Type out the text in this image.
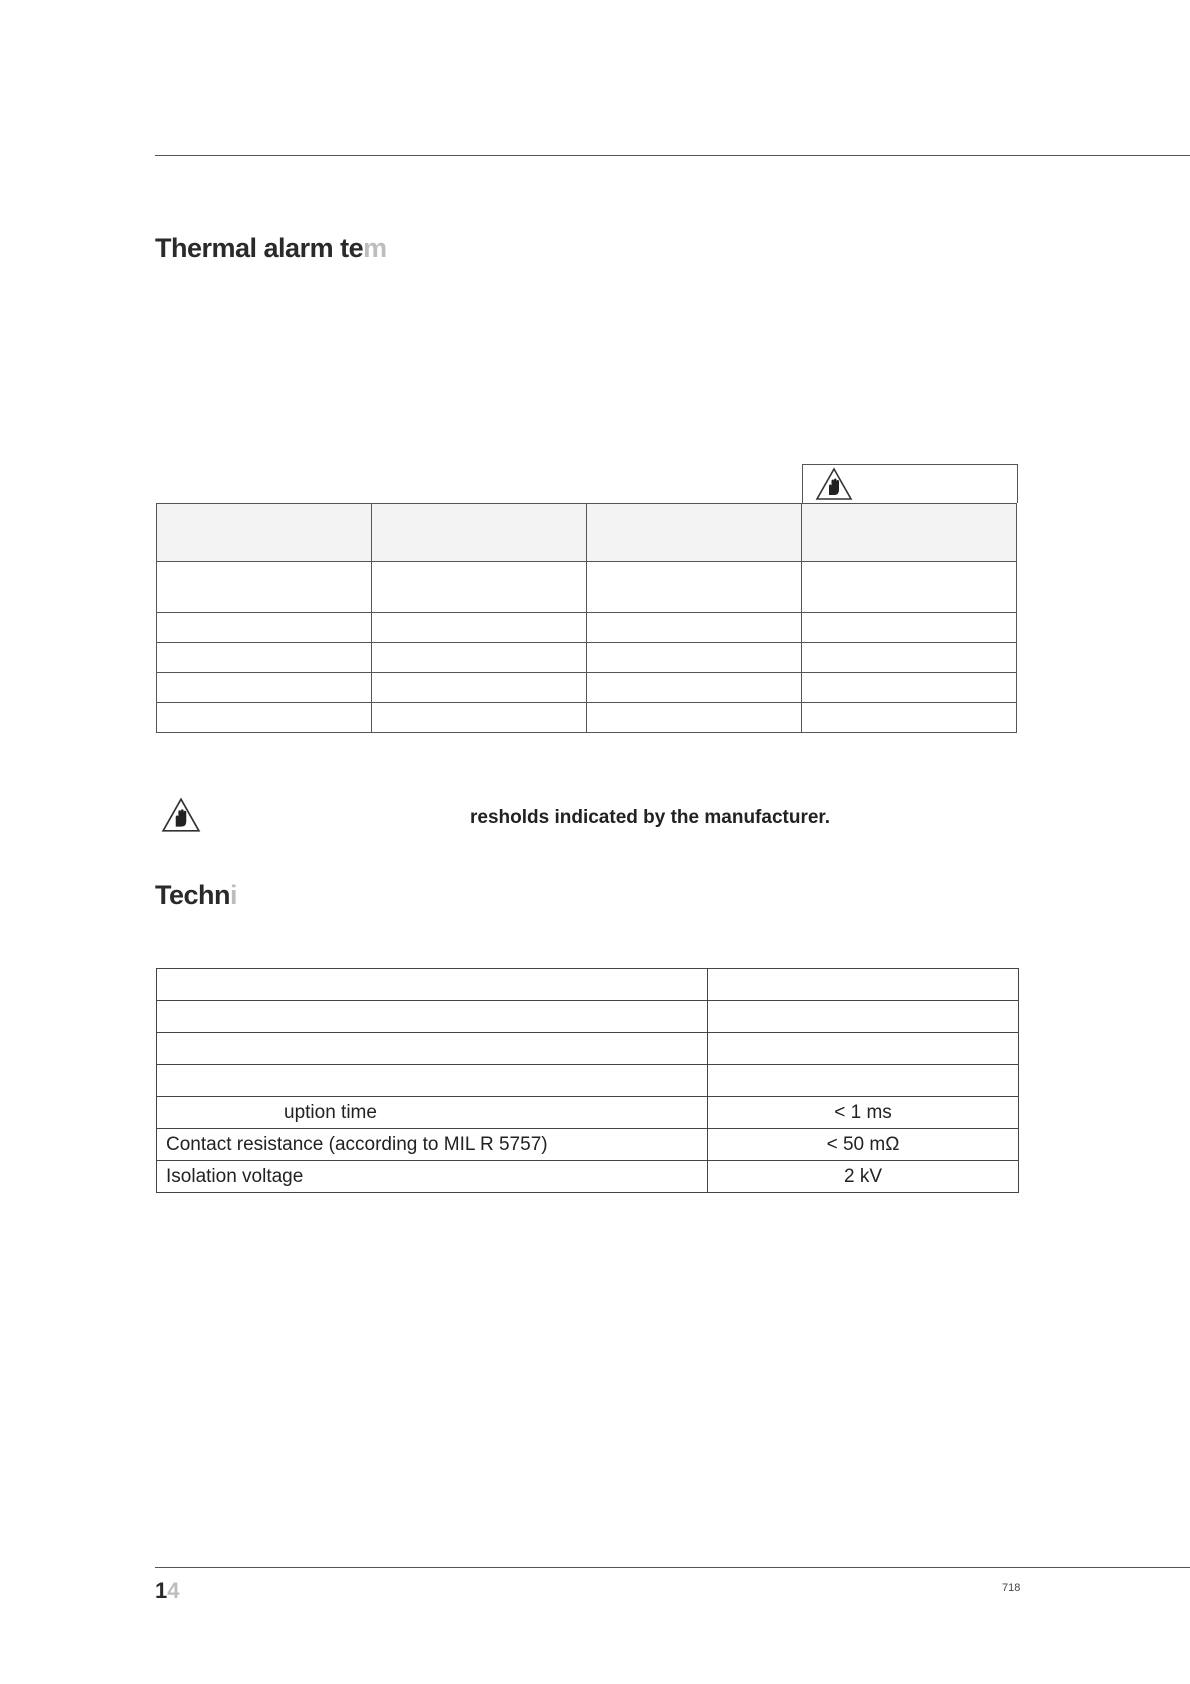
Thermal alarm tem

resholds indicated by the manufacturer.
Techni

uption time	< 1 ms
Contact resistance (according to MIL R 5757)	< 50 mΩ
Isolation voltage	2 kV
14	718
